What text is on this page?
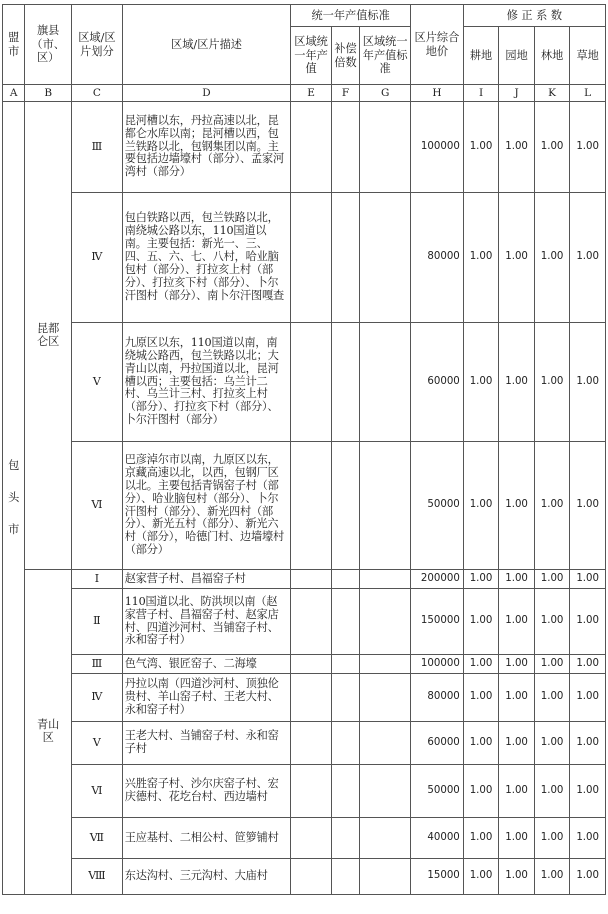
盟市	旗县（市、区）	区域/区片划分	区域/区片描述	统一年产值标准			区片综合地价	修 正 系 数			
				区域统一年产值	补偿倍数	区域统一年产值标准		耕地	园地	林地	草地
A	B	C	D	E	F	G	H	I	J	K	L

包
头
市	昆都仑区	Ⅲ	昆河槽以东，丹拉高速以北，昆都仑水库以南；昆河槽以西，包兰铁路以北，包钢集团以南。主要包括边墙壕村（部分）、孟家河湾村（部分）				100000	1.00	1.00	1.00	1.00
		Ⅳ	包白铁路以西，包兰铁路以北，南绕城公路以东，110国道以南。主要包括：新光一、三、四、五、六、七、八村，哈业脑包村（部分）、打拉亥上村（部分）、打拉亥下村（部分）、卜尔汗图村（部分）、南卜尔汗图嘎查				80000	1.00	1.00	1.00	1.00
		Ⅴ	九原区以东，110国道以南，南绕城公路西，包兰铁路以北；大青山以南，丹拉国道以北，昆河槽以西；主要包括：乌兰计二村、乌兰计三村、打拉亥上村（部分）、打拉亥下村（部分）、卜尔汗图村（部分）				60000	1.00	1.00	1.00	1.00
		Ⅵ	巴彦淖尔市以南，九原区以东，京藏高速以北，以西，包钢厂区以北。主要包括青锅窑子村（部分）、哈业脑包村（部分）、卜尔汗图村（部分）、新光四村（部分）、新光五村（部分）、新光六村（部分），哈德门村、边墙壕村（部分）				50000	1.00	1.00	1.00	1.00
	青山区	Ⅰ	赵家营子村、昌福窑子村				200000	1.00	1.00	1.00	1.00
		Ⅱ	110国道以北、防洪坝以南（赵家营子村、昌福窑子村、赵家店村、四道沙河村、当铺窑子村、永和窑子村）				150000	1.00	1.00	1.00	1.00
		Ⅲ	色气湾、银匠窑子、二海壕				100000	1.00	1.00	1.00	1.00
		Ⅳ	丹拉以南（四道沙河村、顶独伦贵村、羊山窑子村、王老大村、永和窑子村）				80000	1.00	1.00	1.00	1.00
		Ⅴ	王老大村、当铺窑子村、永和窑子村				60000	1.00	1.00	1.00	1.00
		Ⅵ	兴胜窑子村、沙尔庆窑子村、宏庆德村、花圪台村、西边墙村				50000	1.00	1.00	1.00	1.00
		Ⅶ	王应基村、二相公村、笸箩铺村				40000	1.00	1.00	1.00	1.00
		Ⅷ	东达沟村、三元沟村、大庙村				15000	1.00	1.00	1.00	1.00
